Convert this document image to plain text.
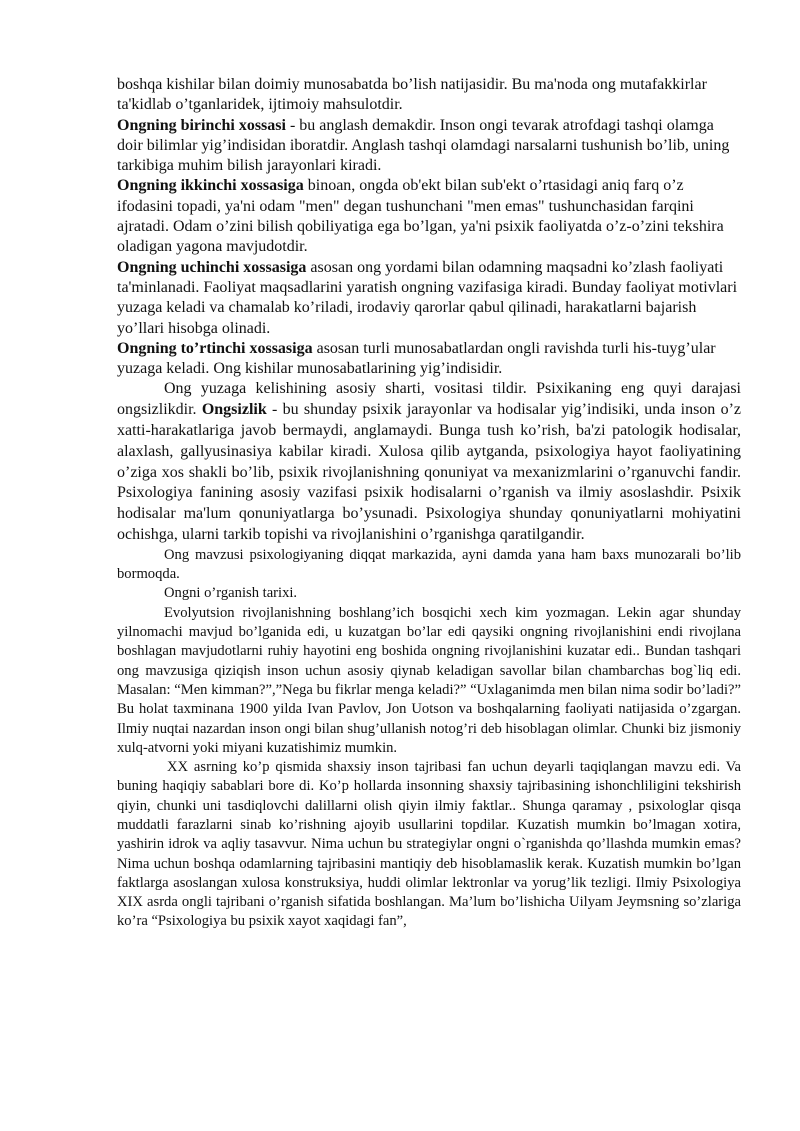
boshqa kishilar bilan doimiy munosabatda bo’lish natijasidir. Bu ma'noda ong mutafakkirlar ta'kidlab o’tganlaridek, ijtimoiy mahsulotdir.

Ongning birinchi xossasi - bu anglash demakdir. Inson ongi tevarak atrofdagi tashqi olamga doir bilimlar yig’indisidan iboratdir. Anglash tashqi olamdagi narsalarni tushunish bo’lib, uning tarkibiga muhim bilish jarayonlari kiradi.

Ongning ikkinchi xossasiga binoan, ongda ob'ekt bilan sub'ekt o’rtasidagi aniq farq o’z ifodasini topadi, ya'ni odam "men" degan tushunchani "men emas" tushunchasidan farqini ajratadi. Odam o’zini bilish qobiliyatiga ega bo’lgan, ya'ni psixik faoliyatda o’z-o’zini tekshira oladigan yagona mavjudotdir.

Ongning uchinchi xossasiga asosan ong yordami bilan odamning maqsadni ko’zlash faoliyati ta'minlanadi. Faoliyat maqsadlarini yaratish ongning vazifasiga kiradi. Bunday faoliyat motivlari yuzaga keladi va chamalab ko’riladi, irodaviy qarorlar qabul qilinadi, harakatlarni bajarish yo’llari hisobga olinadi.

Ongning to’rtinchi xossasiga asosan turli munosabatlardan ongli ravishda turli his-tuyg’ular yuzaga keladi. Ong kishilar munosabatlarining yig’indisidir.

Ong yuzaga kelishining asosiy sharti, vositasi tildir. Psixikaning eng quyi darajasi ongsizlikdir. Ongsizlik - bu shunday psixik jarayonlar va hodisalar yig’indisiki, unda inson o’z xatti-harakatlariga javob bermaydi, anglamaydi. Bunga tush ko’rish, ba'zi patologik hodisalar, alaxlash, gallyusinasiya kabilar kiradi. Xulosa qilib aytganda, psixologiya hayot faoliyatining o’ziga xos shakli bo’lib, psixik rivojlanishning qonuniyat va mexanizmlarini o’rganuvchi fandir. Psixologiya fanining asosiy vazifasi psixik hodisalarni o’rganish va ilmiy asoslashdir. Psixik hodisalar ma'lum qonuniyatlarga bo’ysunadi. Psixologiya shunday qonuniyatlarni mohiyatini ochishga, ularni tarkib topishi va rivojlanishini o’rganishga qaratilgandir.

Ong mavzusi psixologiyaning diqqat markazida, ayni damda yana ham baxs munozarali bo’lib bormoqda.

Ongni o’rganish tarixi.

Evolyutsion rivojlanishning boshlang’ich bosqichi xech kim yozmagan. Lekin agar shunday yilnomachi mavjud bo’lganida edi, u kuzatgan bo’lar edi qaysiki ongning rivojlanishini endi rivojlana boshlagan mavjudotlarni ruhiy hayotini eng boshida ongning rivojlanishini kuzatar edi.. Bundan tashqari ong mavzusiga qiziqish inson uchun asosiy qiynab keladigan savollar bilan chambarchas bog`liq edi. Masalan: “Men kimman?”,”Nega bu fikrlar menga keladi?” “Uxlaganimda men bilan nima sodir bo’ladi?” Bu holat taxminana 1900 yilda Ivan Pavlov, Jon Uotson va boshqalarning faoliyati natijasida o’zgargan. Ilmiy nuqtai nazardan inson ongi bilan shug’ullanish notog’ri deb hisoblagan olimlar. Chunki biz jismoniy xulq-atvorni yoki miyani kuzatishimiz mumkin.

XX asrning ko’p qismida shaxsiy inson tajribasi fan uchun deyarli taqiqlangan mavzu edi. Va buning haqiqiy sabablari bore di. Ko’p hollarda insonning shaxsiy tajribasining ishonchliligini tekshirish qiyin, chunki uni tasdiqlovchi dalillarni olish qiyin ilmiy faktlar.. Shunga qaramay , psixologlar qisqa muddatli farazlarni sinab ko’rishning ajoyib usullarini topdilar. Kuzatish mumkin bo’lmagan xotira, yashirin idrok va aqliy tasavvur. Nima uchun bu strategiylar ongni o`rganishda qo’llashda mumkin emas? Nima uchun boshqa odamlarning tajribasini mantiqiy deb hisoblamaslik kerak. Kuzatish mumkin bo’lgan faktlarga asoslangan xulosa konstruksiya, huddi olimlar lektronlar va yorug’lik tezligi. Ilmiy Psixologiya XIX asrda ongli tajribani o’rganish sifatida boshlangan. Ma’lum bo’lishicha Uilyam Jeymsning so’zlariga ko’ra “Psixologiya bu psixik xayot xaqidagi fan”,
